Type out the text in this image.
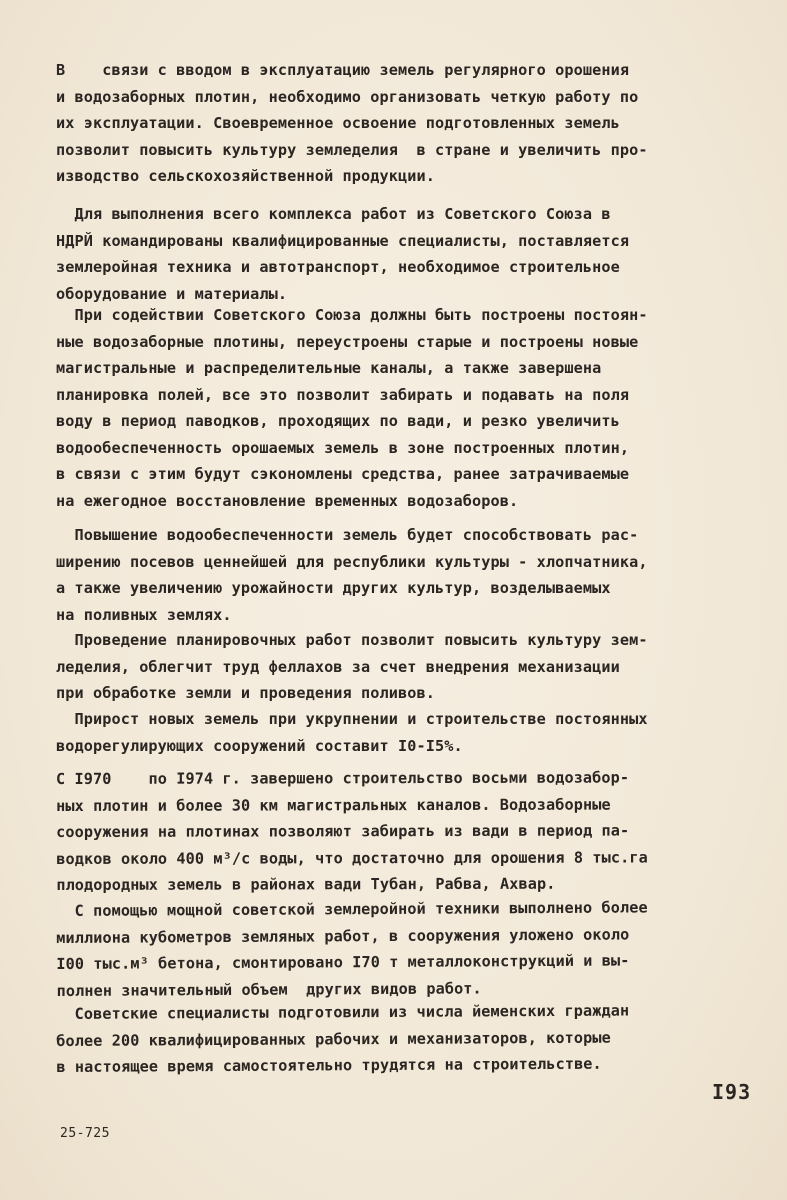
В    связи с вводом в эксплуатацию земель регулярного орошения
и водозаборных плотин, необходимо организовать четкую работу по
их эксплуатации. Своевременное освоение подготовленных земель
позволит повысить культуру земледелия  в стране и увеличить про-
изводство сельскохозяйственной продукции.
Для выполнения всего комплекса работ из Советского Союза в
НДРЙ командированы квалифицированные специалисты, поставляется
землеройная техника и автотранспорт, необходимое строительное
оборудование и материалы.
При содействии Советского Союза должны быть построены постоян-
ные водозаборные плотины, переустроены старые и построены новые
магистральные и распределительные каналы, а также завершена
планировка полей, все это позволит забирать и подавать на поля
воду в период паводков, проходящих по вади, и резко увеличить
водообеспеченность орошаемых земель в зоне построенных плотин,
в связи с этим будут сэкономлены средства, ранее затрачиваемые
на ежегодное восстановление временных водозаборов.
Повышение водообеспеченности земель будет способствовать рас-
ширению посевов ценнейшей для республики культуры - хлопчатника,
а также увеличению урожайности других культур, возделываемых
на поливных землях.
Проведение планировочных работ позволит повысить культуру зем-
леделия, облегчит труд феллахов за счет внедрения механизации
при обработке земли и проведения поливов.
Прирост новых земель при укрупнении и строительстве постоянных
водорегулирующих сооружений составит I0-I5%.
С I970    по I974 г. завершено строительство восьми водозабор-
ных плотин и более 30 км магистральных каналов. Водозаборные
сооружения на плотинах позволяют забирать из вади в период па-
водков около 400 м³/с воды, что достаточно для орошения 8 тыс.га
плодородных земель в районах вади Тубан, Рабва, Ахвар.
С помощью мощной советской землеройной техники выполнено более
миллиона кубометров земляных работ, в сооружения уложено около
I00 тыс.м³ бетона, смонтировано I70 т металлоконструкций и вы-
полнен значительный объем  других видов работ.
Советские специалисты подготовили из числа йеменских граждан
более 200 квалифицированных рабочих и механизаторов, которые
в настоящее время самостоятельно трудятся на строительстве.
I93
25-725
